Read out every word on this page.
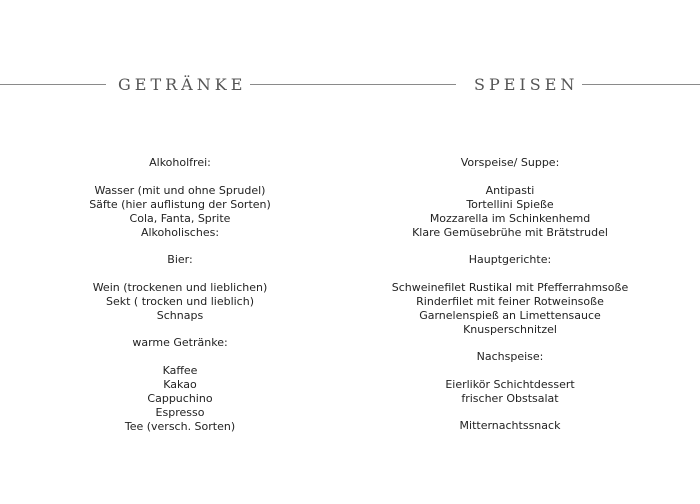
GETRÄNKE	SPEISEN
Alkoholfrei:
Wasser (mit und ohne Sprudel)
Säfte (hier auflistung der Sorten)
Cola, Fanta, Sprite
Alkoholisches:
Bier:
Wein (trockenen und lieblichen)
Sekt ( trocken und lieblich)
Schnaps
warme Getränke:
Kaffee
Kakao
Cappuchino
Espresso
Tee (versch. Sorten)
Vorspeise/ Suppe:
Antipasti
Tortellini Spieße
Mozzarella im Schinkenhemd
Klare Gemüsebrühe mit Brätstrudel
Hauptgerichte:
Schweinefilet Rustikal mit Pfefferrahmsoße
Rinderfilet mit feiner Rotweinsoße
Garnelenspieß an Limettensauce
Knusperschnitzel
Nachspeise:
Eierlikör Schichtdessert
frischer Obstsalat
Mitternachtssnack
